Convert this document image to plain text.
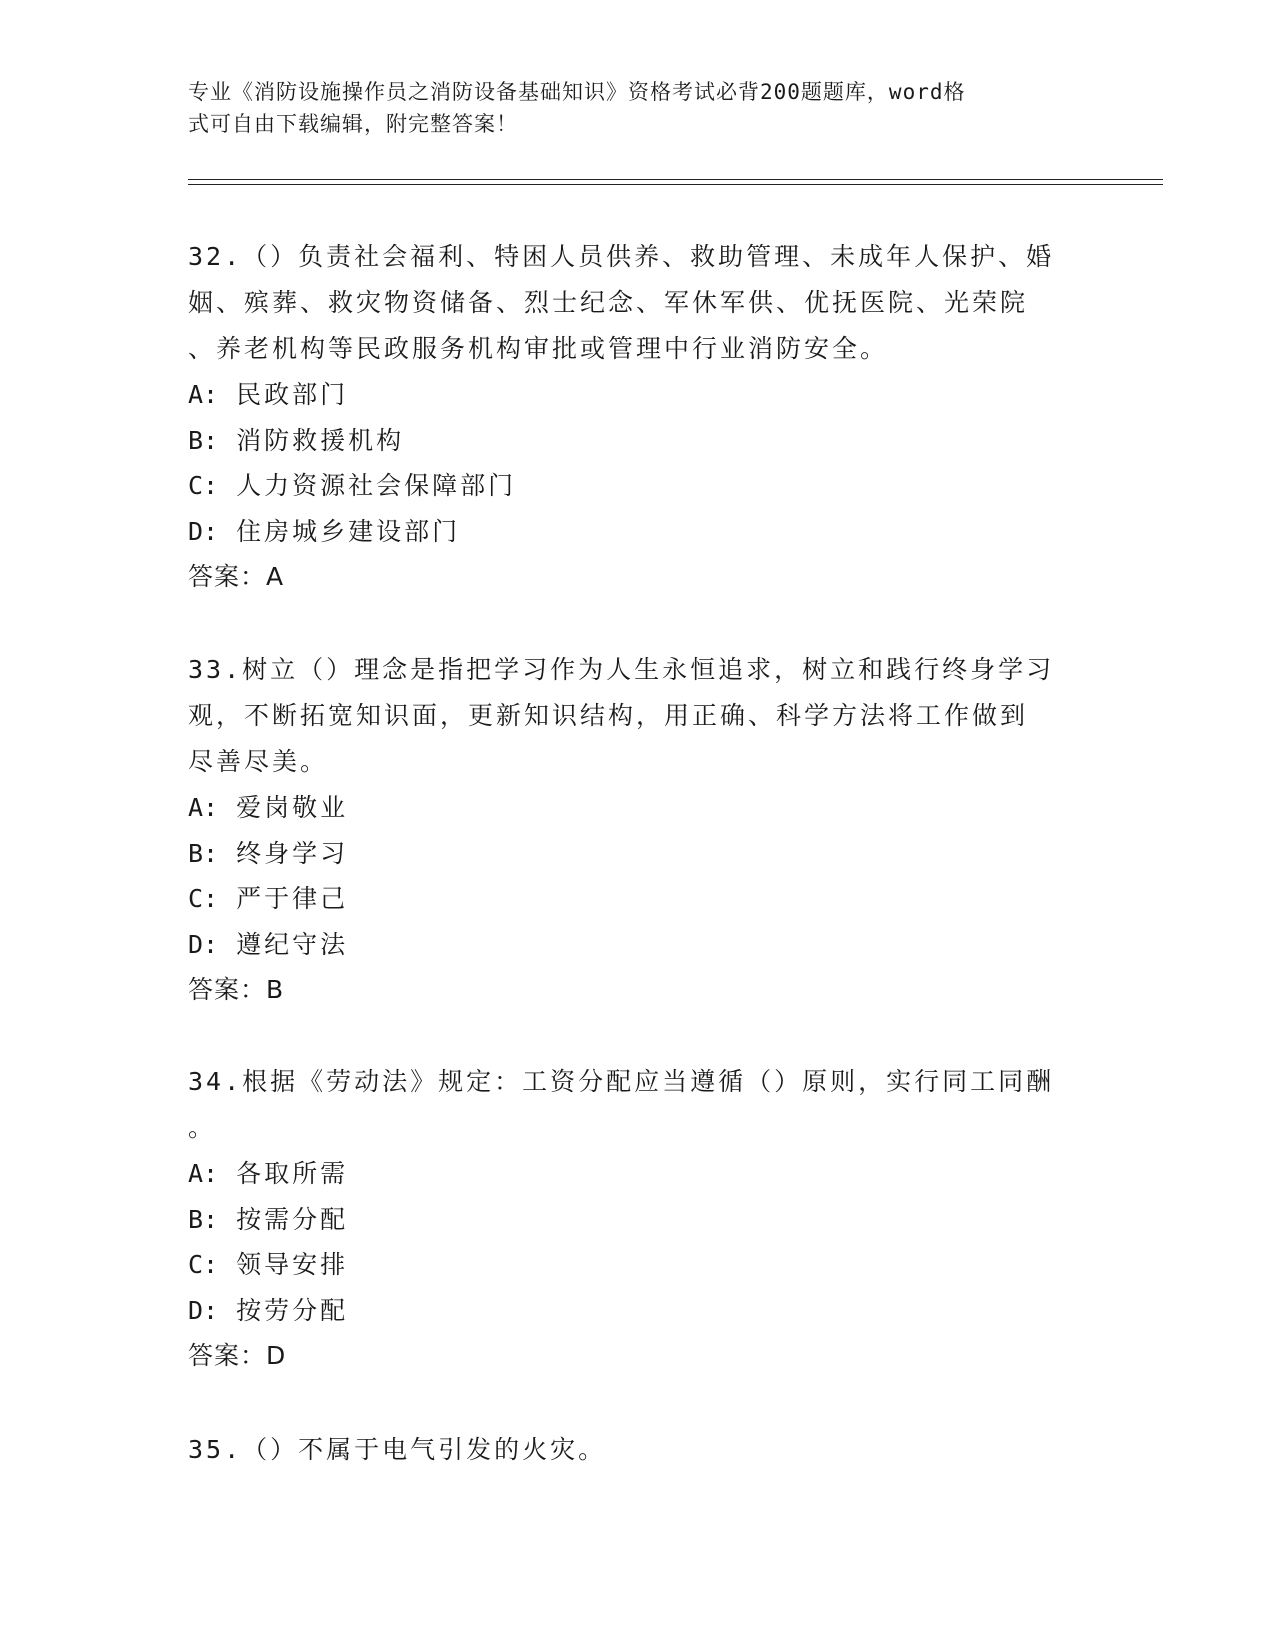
专业《消防设施操作员之消防设备基础知识》资格考试必背200题题库，word格
式可自由下载编辑，附完整答案！
32.（）负责社会福利、特困人员供养、救助管理、未成年人保护、婚
姻、殡葬、救灾物资储备、烈士纪念、军休军供、优抚医院、光荣院
、养老机构等民政服务机构审批或管理中行业消防安全。
A: 民政部门
B: 消防救援机构
C: 人力资源社会保障部门
D: 住房城乡建设部门
答案：A
33.树立（）理念是指把学习作为人生永恒追求，树立和践行终身学习
观，不断拓宽知识面，更新知识结构，用正确、科学方法将工作做到
尽善尽美。
A: 爱岗敬业
B: 终身学习
C: 严于律己
D: 遵纪守法
答案：B
34.根据《劳动法》规定：工资分配应当遵循（）原则，实行同工同酬
。
A: 各取所需
B: 按需分配
C: 领导安排
D: 按劳分配
答案：D
35.（）不属于电气引发的火灾。
